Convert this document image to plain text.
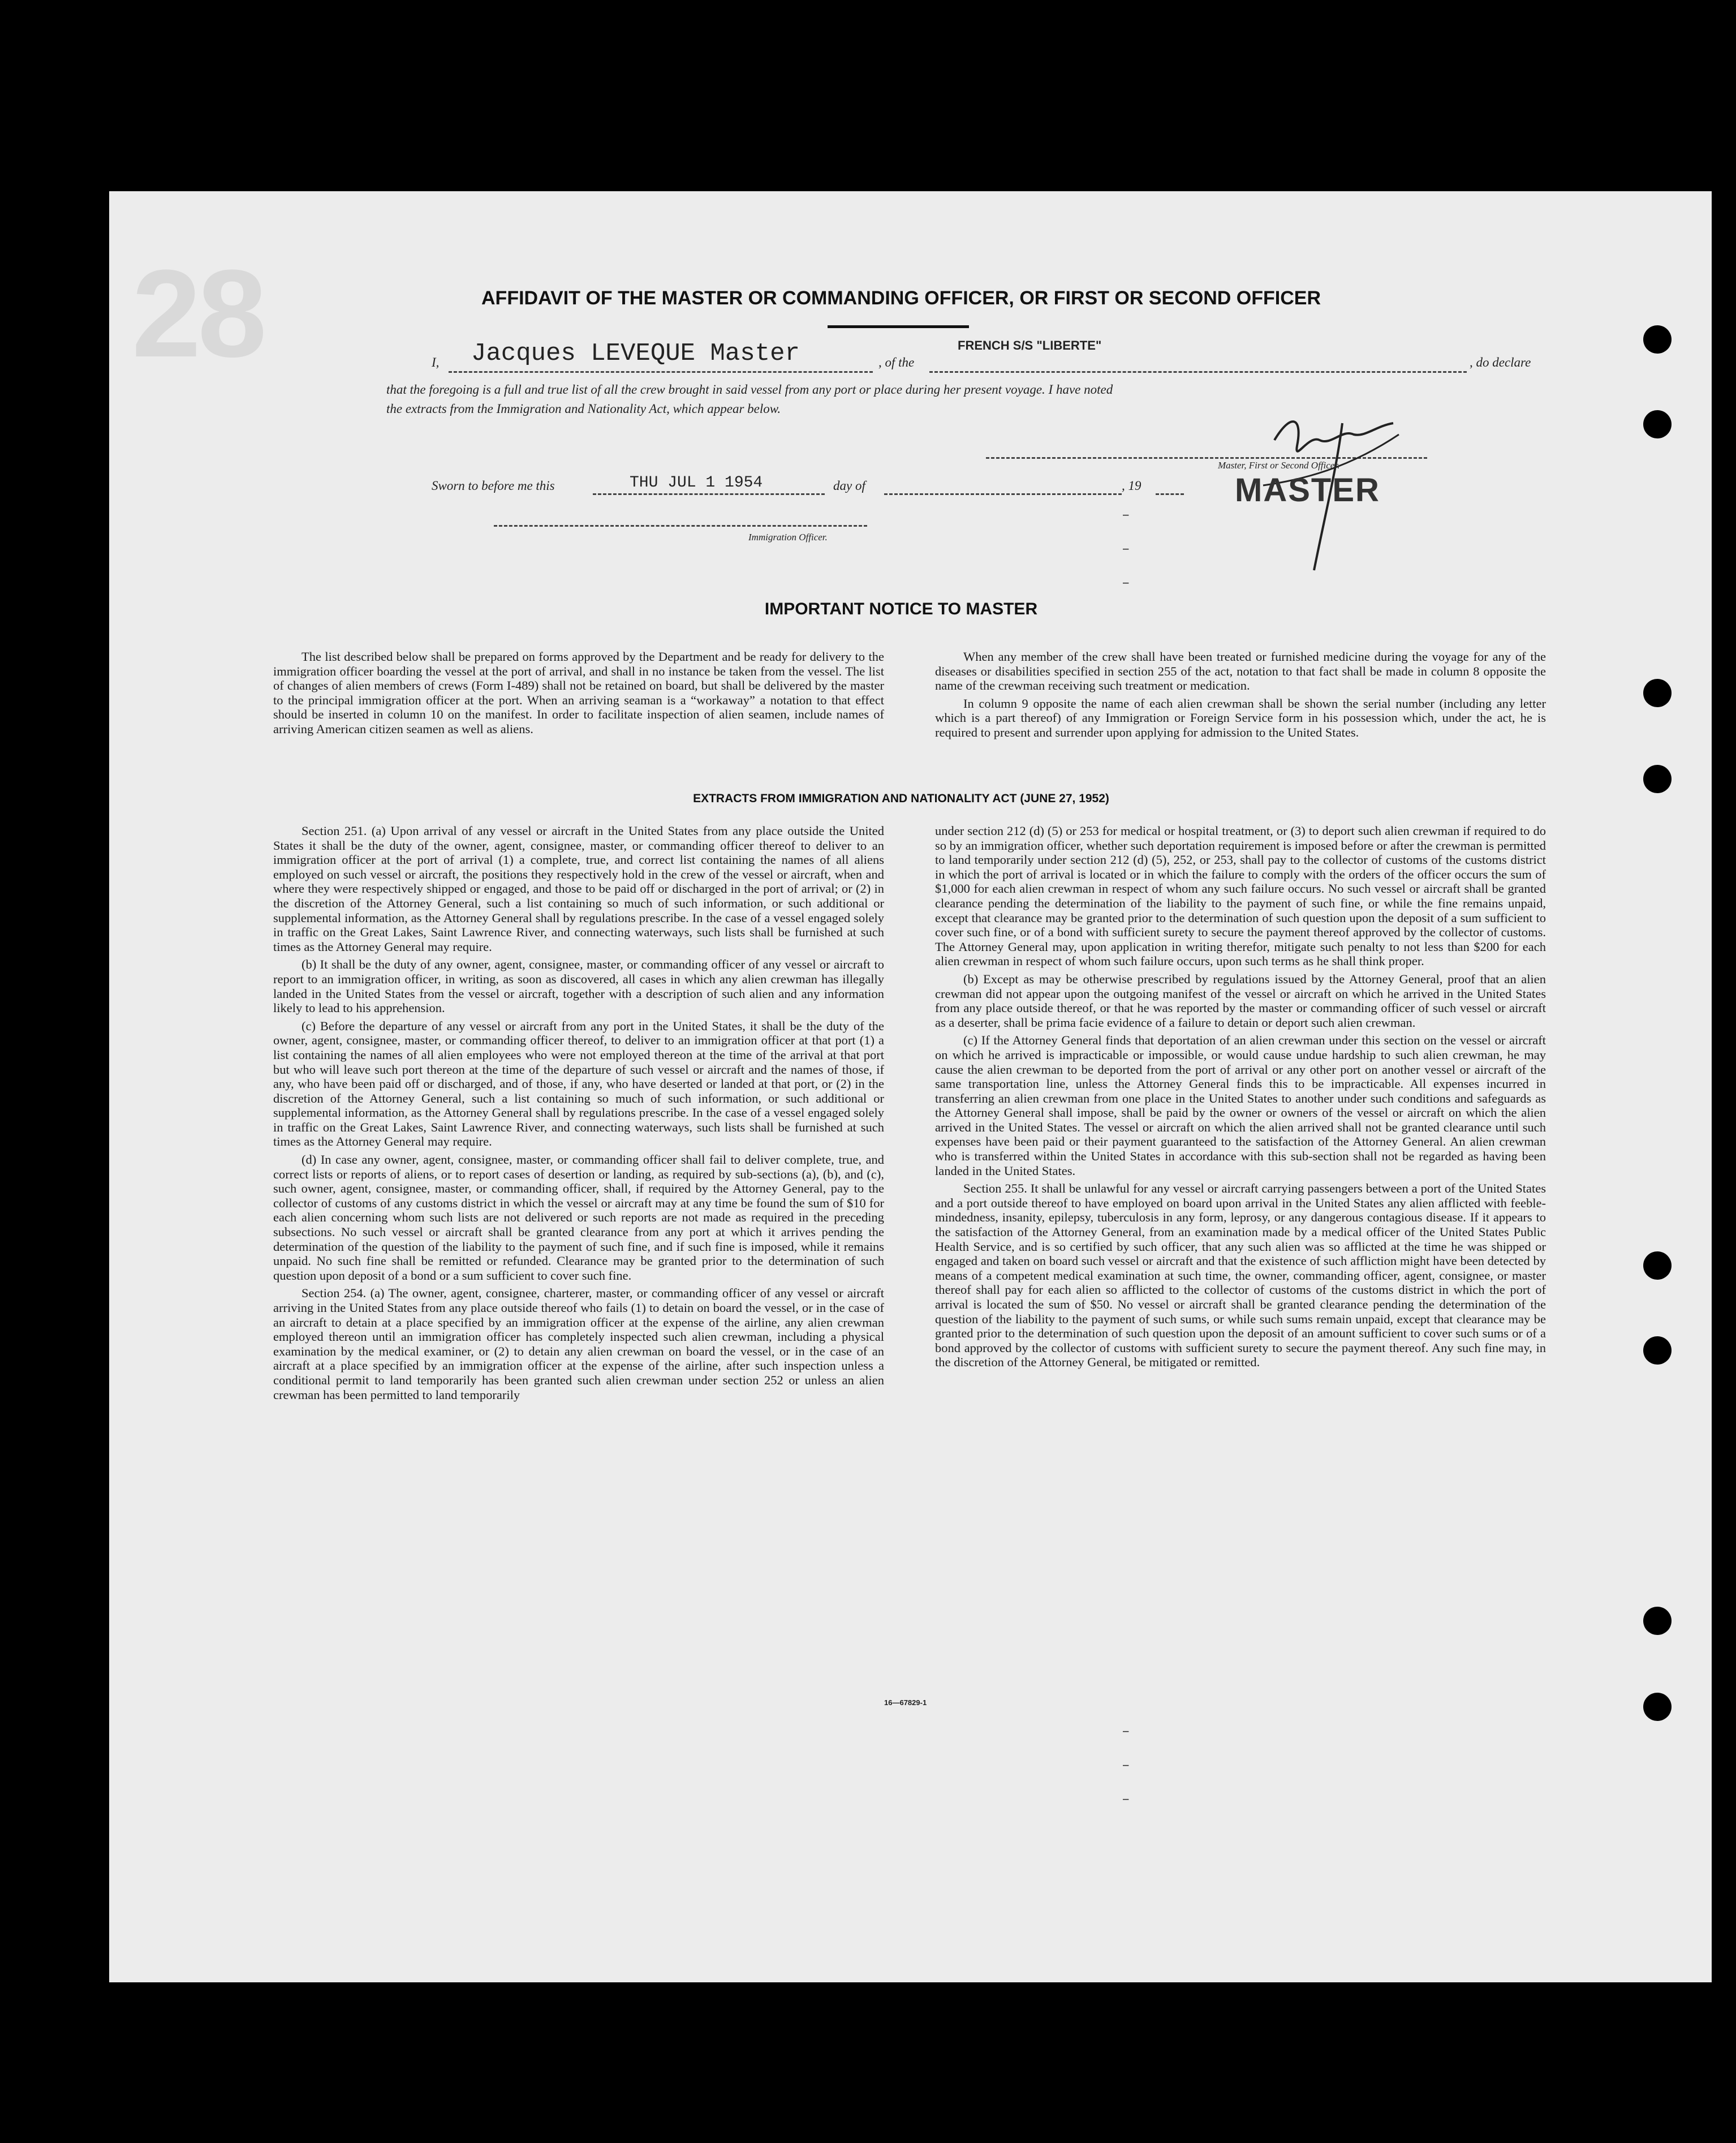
28	AFFIDAVIT OF THE MASTER OR COMMANDING OFFICER, OR FIRST OR SECOND OFFICER
I, Jacques LEVEQUE Master	, of the
FRENCH S/S "LIBERTE"
, do declare
that the foregoing is a full and true list of all the crew brought in said vessel from any port or place during her present voyage. I have noted
the extracts from the Immigration and Nationality Act, which appear below.
Master, First or Second Officer.
MASTER
Sworn to before me this	THU JUL 1 1954	day of	, 19
Immigration Officer.
IMPORTANT NOTICE TO MASTER

The list described below shall be prepared on forms approved by the Department and be ready for delivery to the immigration officer boarding the vessel at the port of arrival, and shall in no instance be taken from the vessel. The list of changes of alien members of crews (Form I-489) shall not be retained on board, but shall be delivered by the master to the principal immigration officer at the port. When an arriving seaman is a “workaway” a notation to that effect should be inserted in column 10 on the manifest. In order to facilitate inspection of alien seamen, include names of arriving American citizen seamen as well as aliens.

When any member of the crew shall have been treated or furnished medicine during the voyage for any of the diseases or disabilities specified in section 255 of the act, notation to that fact shall be made in column 8 opposite the name of the crewman receiving such treatment or medication.

In column 9 opposite the name of each alien crewman shall be shown the serial number (including any letter which is a part thereof) of any Immigration or Foreign Service form in his possession which, under the act, he is required to present and surrender upon applying for admission to the United States.

EXTRACTS FROM IMMIGRATION AND NATIONALITY ACT (JUNE 27, 1952)

Section 251. (a) Upon arrival of any vessel or aircraft in the United States from any place outside the United States it shall be the duty of the owner, agent, consignee, master, or commanding officer thereof to deliver to an immigration officer at the port of arrival (1) a complete, true, and correct list containing the names of all aliens employed on such vessel or aircraft, the positions they respectively hold in the crew of the vessel or aircraft, when and where they were respectively shipped or engaged, and those to be paid off or discharged in the port of arrival; or (2) in the discretion of the Attorney General, such a list containing so much of such information, or such additional or supplemental information, as the Attorney General shall by regulations prescribe. In the case of a vessel engaged solely in traffic on the Great Lakes, Saint Lawrence River, and connecting waterways, such lists shall be furnished at such times as the Attorney General may require.

(b) It shall be the duty of any owner, agent, consignee, master, or commanding officer of any vessel or aircraft to report to an immigration officer, in writing, as soon as discovered, all cases in which any alien crewman has illegally landed in the United States from the vessel or aircraft, together with a description of such alien and any information likely to lead to his apprehension.

(c) Before the departure of any vessel or aircraft from any port in the United States, it shall be the duty of the owner, agent, consignee, master, or commanding officer thereof, to deliver to an immigration officer at that port (1) a list containing the names of all alien employees who were not employed thereon at the time of the arrival at that port but who will leave such port thereon at the time of the departure of such vessel or aircraft and the names of those, if any, who have been paid off or discharged, and of those, if any, who have deserted or landed at that port, or (2) in the discretion of the Attorney General, such a list containing so much of such information, or such additional or supplemental information, as the Attorney General shall by regulations prescribe. In the case of a vessel engaged solely in traffic on the Great Lakes, Saint Lawrence River, and connecting waterways, such lists shall be furnished at such times as the Attorney General may require.

(d) In case any owner, agent, consignee, master, or commanding officer shall fail to deliver complete, true, and correct lists or reports of aliens, or to report cases of desertion or landing, as required by sub-sections (a), (b), and (c), such owner, agent, consignee, master, or commanding officer, shall, if required by the Attorney General, pay to the collector of customs of any customs district in which the vessel or aircraft may at any time be found the sum of $10 for each alien concerning whom such lists are not delivered or such reports are not made as required in the preceding subsections. No such vessel or aircraft shall be granted clearance from any port at which it arrives pending the determination of the question of the liability to the payment of such fine, and if such fine is imposed, while it remains unpaid. No such fine shall be remitted or refunded. Clearance may be granted prior to the determination of such question upon deposit of a bond or a sum sufficient to cover such fine.

Section 254. (a) The owner, agent, consignee, charterer, master, or commanding officer of any vessel or aircraft arriving in the United States from any place outside thereof who fails (1) to detain on board the vessel, or in the case of an aircraft to detain at a place specified by an immigration officer at the expense of the airline, any alien crewman employed thereon until an immigration officer has completely inspected such alien crewman, including a physical examination by the medical examiner, or (2) to detain any alien crewman on board the vessel, or in the case of an aircraft at a place specified by an immigration officer at the expense of the airline, after such inspection unless a conditional permit to land temporarily has been granted such alien crewman under section 252 or unless an alien crewman has been permitted to land temporarily

under section 212 (d) (5) or 253 for medical or hospital treatment, or (3) to deport such alien crewman if required to do so by an immigration officer, whether such deportation requirement is imposed before or after the crewman is permitted to land temporarily under section 212 (d) (5), 252, or 253, shall pay to the collector of customs of the customs district in which the port of arrival is located or in which the failure to comply with the orders of the officer occurs the sum of $1,000 for each alien crewman in respect of whom any such failure occurs. No such vessel or aircraft shall be granted clearance pending the determination of the liability to the payment of such fine, or while the fine remains unpaid, except that clearance may be granted prior to the determination of such question upon the deposit of a sum sufficient to cover such fine, or of a bond with sufficient surety to secure the payment thereof approved by the collector of customs. The Attorney General may, upon application in writing therefor, mitigate such penalty to not less than $200 for each alien crewman in respect of whom such failure occurs, upon such terms as he shall think proper.

(b) Except as may be otherwise prescribed by regulations issued by the Attorney General, proof that an alien crewman did not appear upon the outgoing manifest of the vessel or aircraft on which he arrived in the United States from any place outside thereof, or that he was reported by the master or commanding officer of such vessel or aircraft as a deserter, shall be prima facie evidence of a failure to detain or deport such alien crewman.

(c) If the Attorney General finds that deportation of an alien crewman under this section on the vessel or aircraft on which he arrived is impracticable or impossible, or would cause undue hardship to such alien crewman, he may cause the alien crewman to be deported from the port of arrival or any other port on another vessel or aircraft of the same transportation line, unless the Attorney General finds this to be impracticable. All expenses incurred in transferring an alien crewman from one place in the United States to another under such conditions and safeguards as the Attorney General shall impose, shall be paid by the owner or owners of the vessel or aircraft on which the alien arrived in the United States. The vessel or aircraft on which the alien arrived shall not be granted clearance until such expenses have been paid or their payment guaranteed to the satisfaction of the Attorney General. An alien crewman who is transferred within the United States in accordance with this sub-section shall not be regarded as having been landed in the United States.

Section 255. It shall be unlawful for any vessel or aircraft carrying passengers between a port of the United States and a port outside thereof to have employed on board upon arrival in the United States any alien afflicted with feeble-mindedness, insanity, epilepsy, tuberculosis in any form, leprosy, or any dangerous contagious disease. If it appears to the satisfaction of the Attorney General, from an examination made by a medical officer of the United States Public Health Service, and is so certified by such officer, that any such alien was so afflicted at the time he was shipped or engaged and taken on board such vessel or aircraft and that the existence of such affliction might have been detected by means of a competent medical examination at such time, the owner, commanding officer, agent, consignee, or master thereof shall pay for each alien so afflicted to the collector of customs of the customs district in which the port of arrival is located the sum of $50. No vessel or aircraft shall be granted clearance pending the determination of the question of the liability to the payment of such sums, or while such sums remain unpaid, except that clearance may be granted prior to the determination of such question upon the deposit of an amount sufficient to cover such sums or of a bond approved by the collector of customs with sufficient surety to secure the payment thereof. Any such fine may, in the discretion of the Attorney General, be mitigated or remitted.

16—67829-1
–
–
–
–
–
–
